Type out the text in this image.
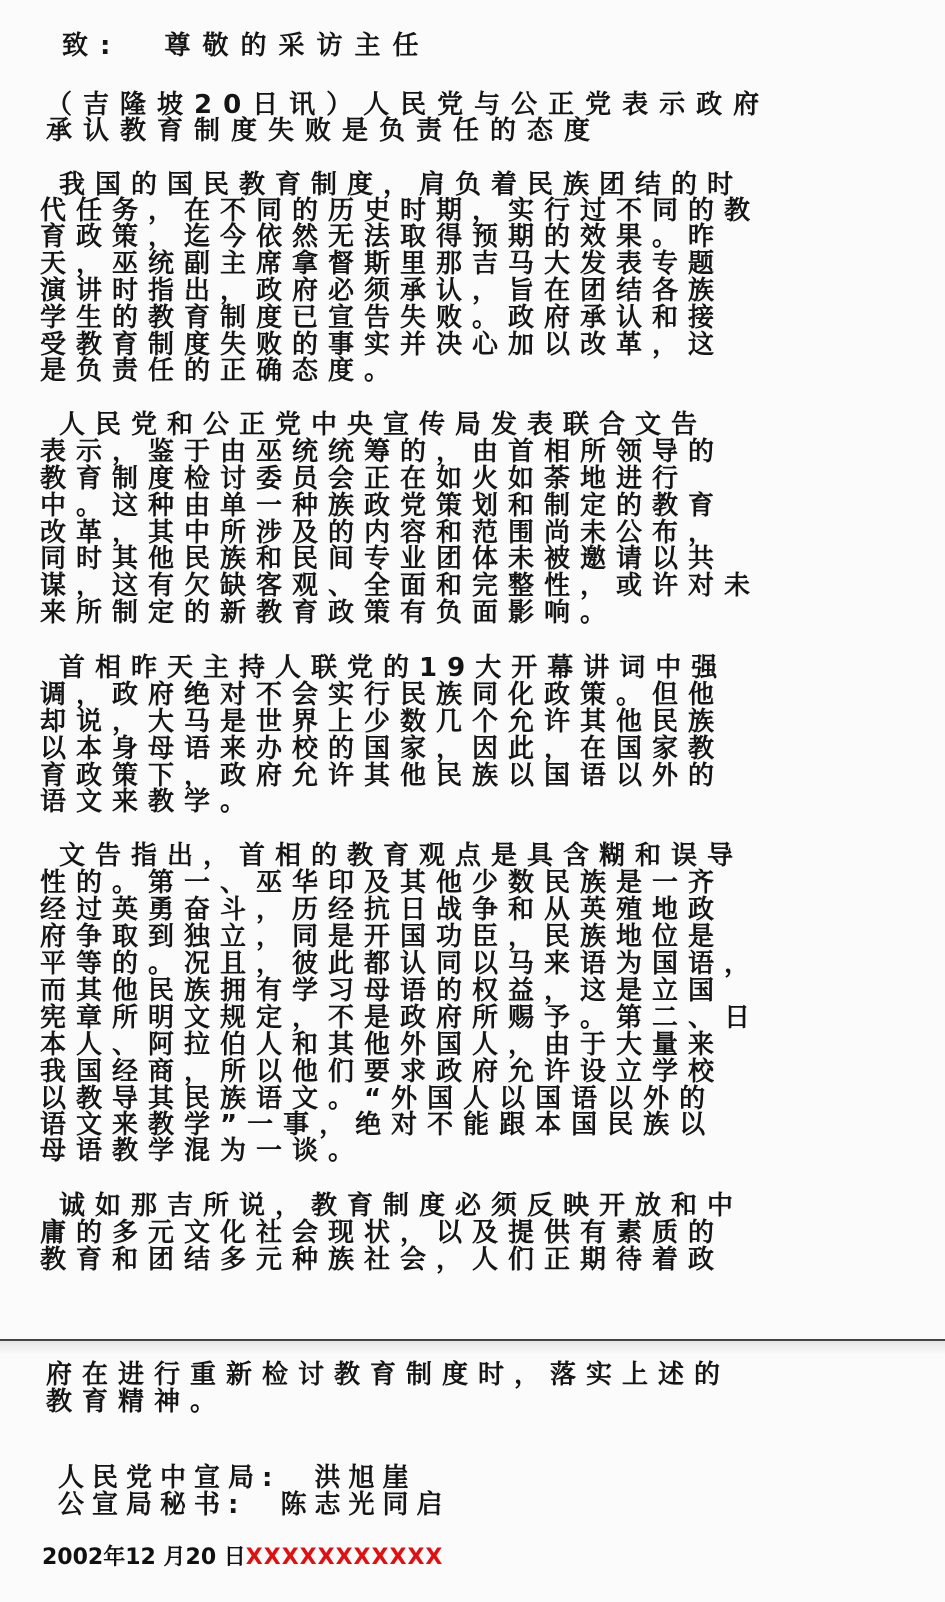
致:  尊敬的采访主任
（吉隆坡20日讯）人民党与公正党表示政府
承认教育制度失败是负责任的态度
我国的国民教育制度，肩负着民族团结的时
代任务，在不同的历史时期，实行过不同的教
育政策，迄今依然无法取得预期的效果。昨
天，巫统副主席拿督斯里那吉马大发表专题
演讲时指出，政府必须承认，旨在团结各族
学生的教育制度已宣告失败。政府承认和接
受教育制度失败的事实并决心加以改革，这
是负责任的正确态度。
人民党和公正党中央宣传局发表联合文告
表示，鉴于由巫统统筹的，由首相所领导的
教育制度检讨委员会正在如火如荼地进行
中。这种由单一种族政党策划和制定的教育
改革，其中所涉及的内容和范围尚未公布，
同时其他民族和民间专业团体未被邀请以共
谋，这有欠缺客观、全面和完整性，或许对未
来所制定的新教育政策有负面影响。
首相昨天主持人联党的19大开幕讲词中强
调，政府绝对不会实行民族同化政策。但他
却说，大马是世界上少数几个允许其他民族
以本身母语来办校的国家，因此，在国家教
育政策下，政府允许其他民族以国语以外的
语文来教学。
文告指出，首相的教育观点是具含糊和误导
性的。第一、巫华印及其他少数民族是一齐
经过英勇奋斗，历经抗日战争和从英殖地政
府争取到独立，同是开国功臣，民族地位是
平等的。况且，彼此都认同以马来语为国语，
而其他民族拥有学习母语的权益，这是立国
宪章所明文规定，不是政府所赐予。第二、日
本人、阿拉伯人和其他外国人，由于大量来
我国经商，所以他们要求政府允许设立学校
以教导其民族语文。“外国人以国语以外的
语文来教学”一事，绝对不能跟本国民族以
母语教学混为一谈。
诚如那吉所说，教育制度必须反映开放和中
庸的多元文化社会现状，以及提供有素质的
教育和团结多元种族社会，人们正期待着政
府在进行重新检讨教育制度时，落实上述的
教育精神。
人民党中宣局:  洪旭崖
公宣局秘书:  陈志光同启
2002年12 月20 日XXXXXXXXXXX
